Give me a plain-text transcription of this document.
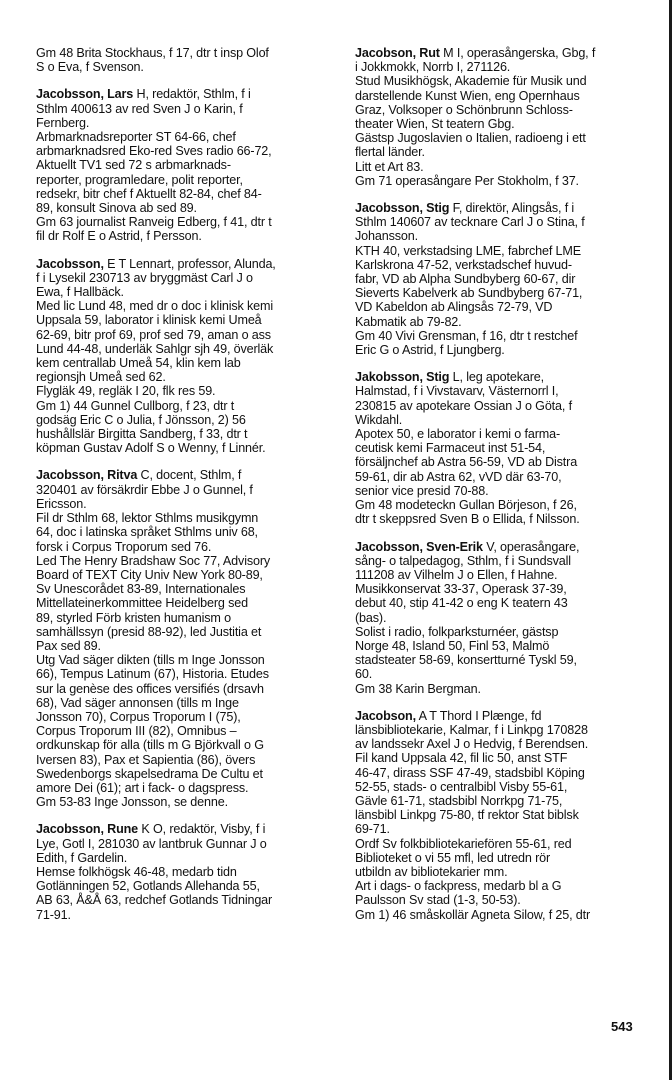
Gm 48 Brita Stockhaus, f 17, dtr t insp Olof
S o Eva, f Svenson.
Jacobsson, Lars H, redaktör, Sthlm, f i
Sthlm 400613 av red Sven J o Karin, f
Fernberg.
Arbmarknadsreporter ST 64-66, chef
arbmarknadsred Eko-red Sves radio 66-72,
Aktuellt TV1 sed 72 s arbmarknads-
reporter, programledare, polit reporter,
redsekr, bitr chef f Aktuellt 82-84, chef 84-
89, konsult Sinova ab sed 89.
Gm 63 journalist Ranveig Edberg, f 41, dtr t
fil dr Rolf E o Astrid, f Persson.
Jacobsson, E T Lennart, professor, Alunda,
f i Lysekil 230713 av bryggmäst Carl J o
Ewa, f Hallbäck.
Med lic Lund 48, med dr o doc i klinisk kemi
Uppsala 59, laborator i klinisk kemi Umeå
62-69, bitr prof 69, prof sed 79, aman o ass
Lund 44-48, underläk Sahlgr sjh 49, överläk
kem centrallab Umeå 54, klin kem lab
regionsjh Umeå sed 62.
Flygläk 49, regläk I 20, flk res 59.
Gm 1) 44 Gunnel Cullborg, f 23, dtr t
godsäg Eric C o Julia, f Jönsson, 2) 56
hushållslär Birgitta Sandberg, f 33, dtr t
köpman Gustav Adolf S o Wenny, f Linnér.
Jacobsson, Ritva C, docent, Sthlm, f
320401 av försäkrdir Ebbe J o Gunnel, f
Ericsson.
Fil dr Sthlm 68, lektor Sthlms musikgymn
64, doc i latinska språket Sthlms univ 68,
forsk i Corpus Troporum sed 76.
Led The Henry Bradshaw Soc 77, Advisory
Board of TEXT City Univ New York 80-89,
Sv Unescorådet 83-89, Internationales
Mittellateinerkommittee Heidelberg sed
89, styrled Förb kristen humanism o
samhällssyn (presid 88-92), led Justitia et
Pax sed 89.
Utg Vad säger dikten (tills m Inge Jonsson
66), Tempus Latinum (67), Historia. Etudes
sur la genèse des offices versifiés (drsavh
68), Vad säger annonsen (tills m Inge
Jonsson 70), Corpus Troporum I (75),
Corpus Troporum III (82), Omnibus –
ordkunskap för alla (tills m G Björkvall o G
Iversen 83), Pax et Sapientia (86), övers
Swedenborgs skapelsedrama De Cultu et
amore Dei (61); art i fack- o dagspress.
Gm 53-83 Inge Jonsson, se denne.
Jacobsson, Rune K O, redaktör, Visby, f i
Lye, Gotl I, 281030 av lantbruk Gunnar J o
Edith, f Gardelin.
Hemse folkhögsk 46-48, medarb tidn
Gotlänningen 52, Gotlands Allehanda 55,
AB 63, Å&Å 63, redchef Gotlands Tidningar
71-91.
Jacobson, Rut M I, operasångerska, Gbg, f
i Jokkmokk, Norrb I, 271126.
Stud Musikhögsk, Akademie für Musik und
darstellende Kunst Wien, eng Opernhaus
Graz, Volksoper o Schönbrunn Schloss-
theater Wien, St teatern Gbg.
Gästsp Jugoslavien o Italien, radioeng i ett
flertal länder.
Litt et Art 83.
Gm 71 operasångare Per Stokholm, f 37.
Jacobsson, Stig F, direktör, Alingsås, f i
Sthlm 140607 av tecknare Carl J o Stina, f
Johansson.
KTH 40, verkstadsing LME, fabrchef LME
Karlskrona 47-52, verkstadschef huvud-
fabr, VD ab Alpha Sundbyberg 60-67, dir
Sieverts Kabelverk ab Sundbyberg 67-71,
VD Kabeldon ab Alingsås 72-79, VD
Kabmatik ab 79-82.
Gm 40 Vivi Grensman, f 16, dtr t restchef
Eric G o Astrid, f Ljungberg.
Jakobsson, Stig L, leg apotekare,
Halmstad, f i Vivstavarv, Västernorrl I,
230815 av apotekare Ossian J o Göta, f
Wikdahl.
Apotex 50, e laborator i kemi o farma-
ceutisk kemi Farmaceut inst 51-54,
försäljnchef ab Astra 56-59, VD ab Distra
59-61, dir ab Astra 62, vVD där 63-70,
senior vice presid 70-88.
Gm 48 modeteckn Gullan Börjeson, f 26,
dtr t skeppsred Sven B o Ellida, f Nilsson.
Jacobsson, Sven-Erik V, operasångare,
sång- o talpedagog, Sthlm, f i Sundsvall
111208 av Vilhelm J o Ellen, f Hahne.
Musikkonservat 33-37, Operask 37-39,
debut 40, stip 41-42 o eng K teatern 43
(bas).
Solist i radio, folkparksturnéer, gästsp
Norge 48, Island 50, Finl 53, Malmö
stadsteater 58-69, konsertturné Tyskl 59,
60.
Gm 38 Karin Bergman.
Jacobson, A T Thord I Plænge, fd
länsbibliotekarie, Kalmar, f i Linkpg 170828
av landssekr Axel J o Hedvig, f Berendsen.
Fil kand Uppsala 42, fil lic 50, anst STF
46-47, dirass SSF 47-49, stadsbibl Köping
52-55, stads- o centralbibl Visby 55-61,
Gävle 61-71, stadsbibl Norrkpg 71-75,
länsbibl Linkpg 75-80, tf rektor Stat biblsk
69-71.
Ordf Sv folkbibliotekariefören 55-61, red
Biblioteket o vi 55 mfl, led utredn rör
utbildn av bibliotekarier mm.
Art i dags- o fackpress, medarb bl a G
Paulsson Sv stad (1-3, 50-53).
Gm 1) 46 småskollär Agneta Silow, f 25, dtr
543
